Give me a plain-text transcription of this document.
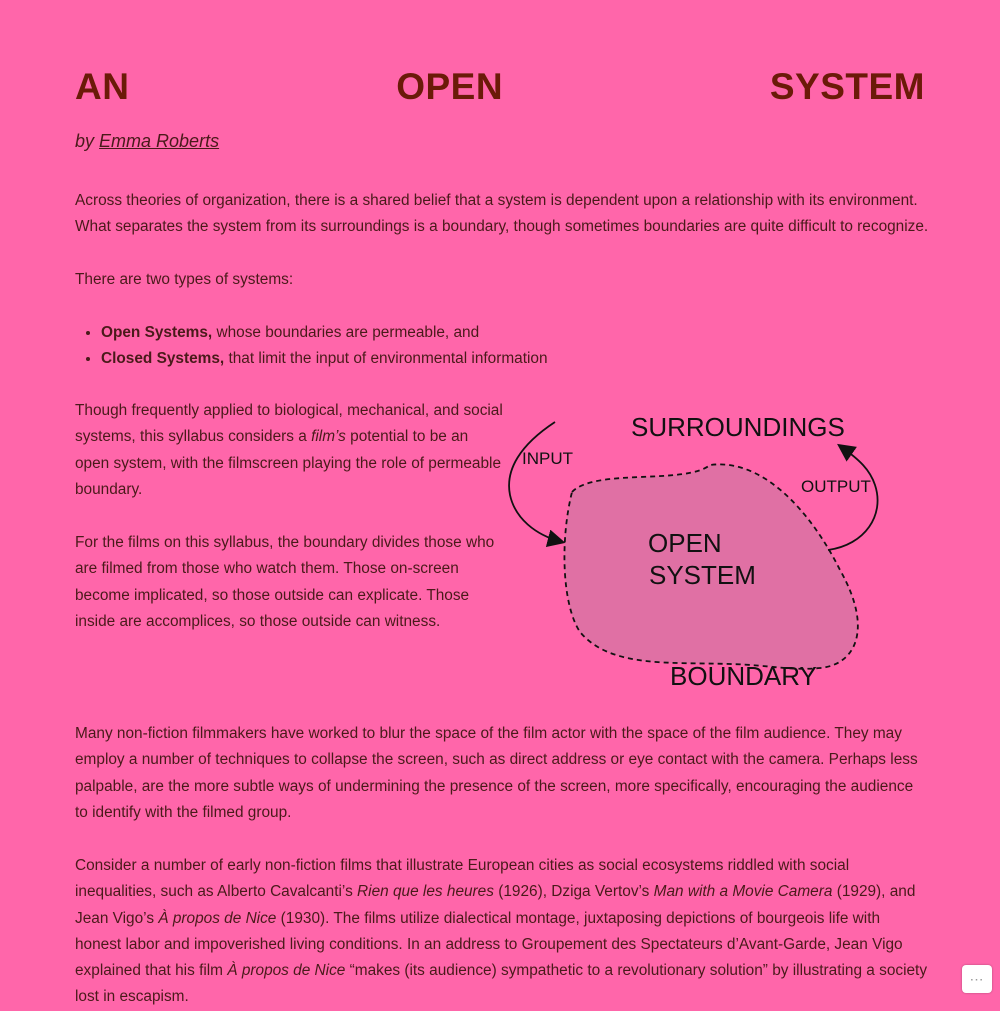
AN	OPEN	SYSTEM
by Emma Roberts

Across theories of organization, there is a shared belief that a system is dependent upon a relationship with its environment. What separates the system from its surroundings is a boundary, though sometimes boundaries are quite difficult to recognize.

There are two types of systems:

• Open Systems, whose boundaries are permeable, and
• Closed Systems, that limit the input of environmental information

Though frequently applied to biological, mechanical, and social systems, this syllabus considers a film’s potential to be an open system, with the filmscreen playing the role of permeable boundary.

For the films on this syllabus, the boundary divides those who are filmed from those who watch them. Those on-screen become implicated, so those outside can explicate. Those inside are accomplices, so those outside can witness.

SURROUNDINGS
INPUT
OUTPUT
OPEN
SYSTEM
BOUNDARY

Many non-fiction filmmakers have worked to blur the space of the film actor with the space of the film audience. They may employ a number of techniques to collapse the screen, such as direct address or eye contact with the camera. Perhaps less palpable, are the more subtle ways of undermining the presence of the screen, more specifically, encouraging the audience to identify with the filmed group.

Consider a number of early non-fiction films that illustrate European cities as social ecosystems riddled with social inequalities, such as Alberto Cavalcanti’s Rien que les heures (1926), Dziga Vertov’s Man with a Movie Camera (1929), and Jean Vigo’s À propos de Nice (1930). The films utilize dialectical montage, juxtaposing depictions of bourgeois life with honest labor and impoverished living conditions. In an address to Groupement des Spectateurs d’Avant-Garde, Jean Vigo explained that his film À propos de Nice “makes (its audience) sympathetic to a revolutionary solution” by illustrating a society lost in escapism.

⋯
